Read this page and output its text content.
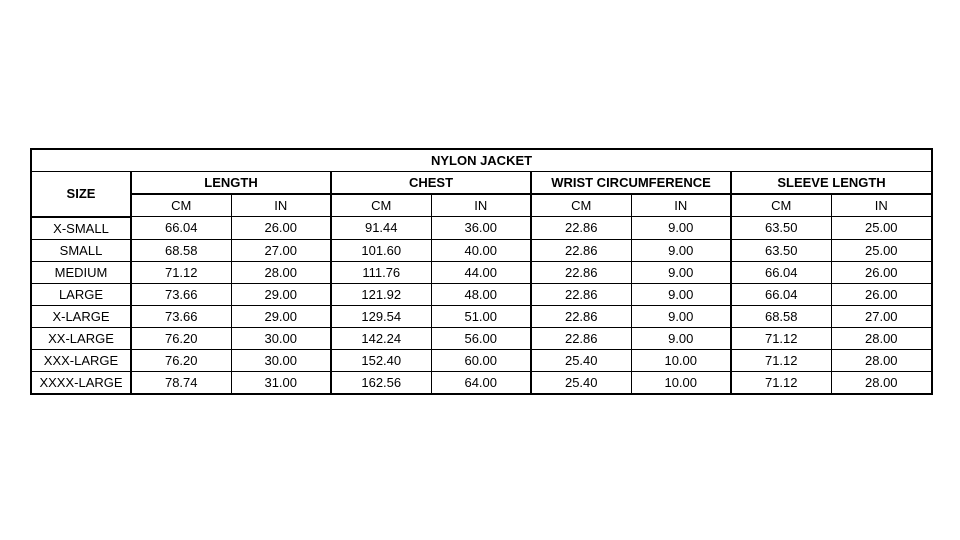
NYLON JACKET								
SIZE	LENGTH		CHEST		WRIST CIRCUMFERENCE		SLEEVE LENGTH	
	CM	IN	CM	IN	CM	IN	CM	IN
X-SMALL	66.04	26.00	91.44	36.00	22.86	9.00	63.50	25.00
SMALL	68.58	27.00	101.60	40.00	22.86	9.00	63.50	25.00
MEDIUM	71.12	28.00	111.76	44.00	22.86	9.00	66.04	26.00
LARGE	73.66	29.00	121.92	48.00	22.86	9.00	66.04	26.00
X-LARGE	73.66	29.00	129.54	51.00	22.86	9.00	68.58	27.00
XX-LARGE	76.20	30.00	142.24	56.00	22.86	9.00	71.12	28.00
XXX-LARGE	76.20	30.00	152.40	60.00	25.40	10.00	71.12	28.00
XXXX-LARGE	78.74	31.00	162.56	64.00	25.40	10.00	71.12	28.00
